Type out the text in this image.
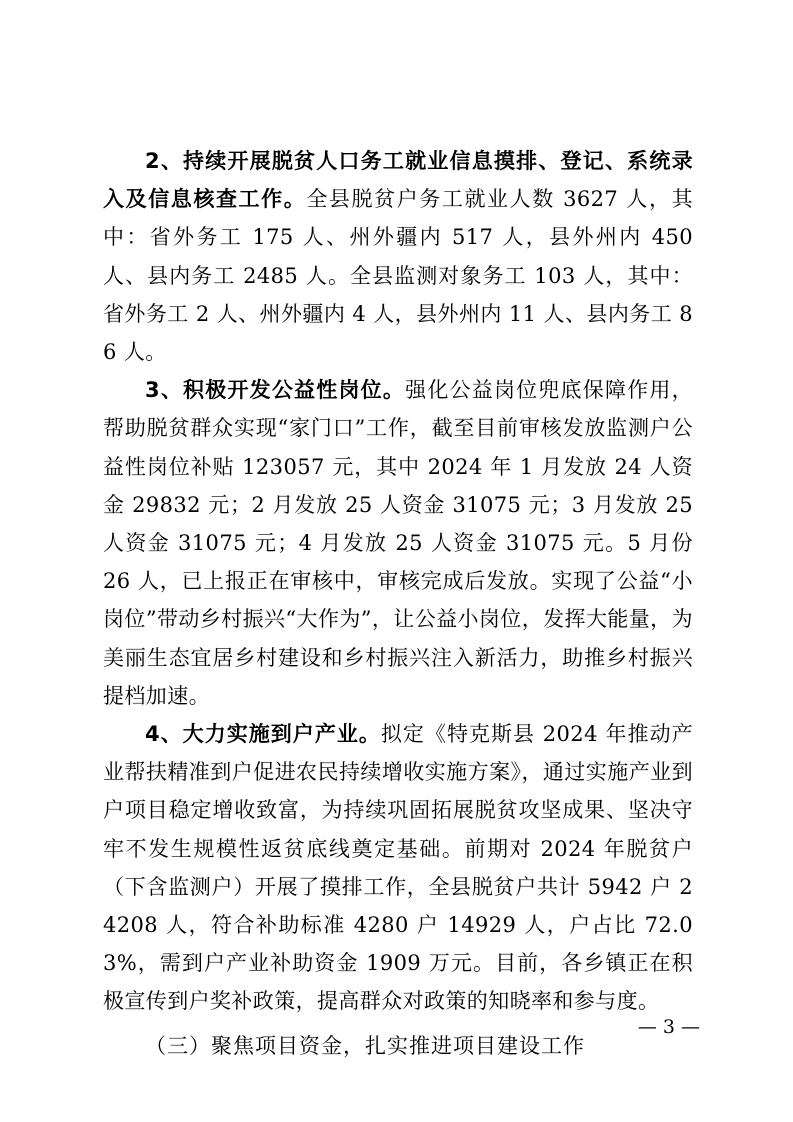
2、持续开展脱贫人口务工就业信息摸排、登记、系统录入及信息核查工作。全县脱贫户务工就业人数 3627 人，其中：省外务工 175 人、州外疆内 517 人，县外州内 450 人、县内务工 2485 人。全县监测对象务工 103 人，其中：省外务工 2 人、州外疆内 4 人，县外州内 11 人、县内务工 86 人。

3、积极开发公益性岗位。强化公益岗位兜底保障作用，帮助脱贫群众实现“家门口”工作，截至目前审核发放监测户公益性岗位补贴 123057 元，其中 2024 年 1 月发放 24 人资金 29832 元；2 月发放 25 人资金 31075 元；3 月发放 25 人资金 31075 元；4 月发放 25 人资金 31075 元。5 月份 26 人，已上报正在审核中，审核完成后发放。实现了公益“小岗位”带动乡村振兴“大作为”，让公益小岗位，发挥大能量，为美丽生态宜居乡村建设和乡村振兴注入新活力，助推乡村振兴提档加速。

4、大力实施到户产业。拟定《特克斯县 2024 年推动产业帮扶精准到户促进农民持续增收实施方案》，通过实施产业到户项目稳定增收致富，为持续巩固拓展脱贫攻坚成果、坚决守牢不发生规模性返贫底线奠定基础。前期对 2024 年脱贫户（下含监测户）开展了摸排工作，全县脱贫户共计 5942 户 24208 人，符合补助标准 4280 户 14929 人，户占比 72.03%，需到户产业补助资金 1909 万元。目前，各乡镇正在积极宣传到户奖补政策，提高群众对政策的知晓率和参与度。

（三）聚焦项目资金，扎实推进项目建设工作

— 3 —
